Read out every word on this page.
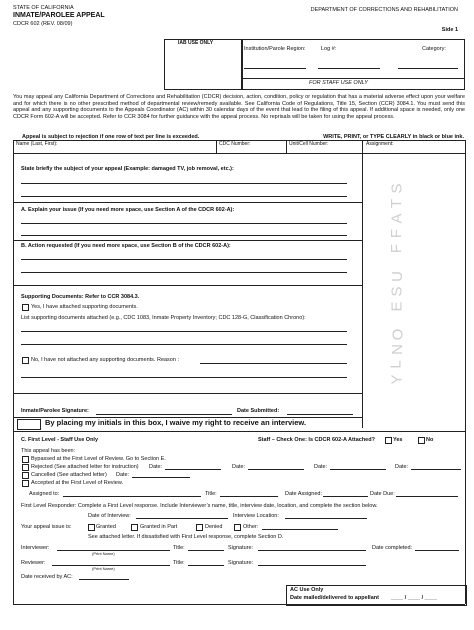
STATE OF CALIFORNIA
INMATE/PAROLEE APPEAL
CDCR 602 (REV. 08/09)
DEPARTMENT OF CORRECTIONS AND REHABILITATION
Side 1
IAB USE ONLY
Institution/Parole Region:	Log #:	Category:
FOR STAFF USE ONLY
You may appeal any California Department of Corrections and Rehabilitation (CDCR) decision, action, condition, policy or regulation that has a material adverse effect upon your welfare and for which there is no other prescribed method of departmental review/remedy available. See California Code of Regulations, Title 15, Section (CCR) 3084.1. You must send this appeal and any supporting documents to the Appeals Coordinator (AC) within 30 calendar days of the event that lead to the filing of this appeal. If additional space is needed, only one CDCR Form 602-A will be accepted. Refer to CCR 3084 for further guidance with the appeal process. No reprisals will be taken for using the appeal process.
Appeal is subject to rejection if one row of text per line is exceeded.	WRITE, PRINT, or TYPE CLEARLY in black or blue ink.
Name (Last, First):	CDC Number:	Unit/Cell Number:	Assignment:
S
T
A
F
F
U
S
E
O
N
L
Y
State briefly the subject of your appeal (Example: damaged TV, job removal, etc.):
A. Explain your issue (If you need more space, use Section A of the CDCR 602-A):
B. Action requested (If you need more space, use Section B of the CDCR 602-A):
Supporting Documents: Refer to CCR 3084.3.
Yes, I have attached supporting documents.
List supporting documents attached (e.g., CDC 1083, Inmate Property Inventory; CDC 128-G, Classification Chrono):
No, I have not attached any supporting documents. Reason :
Inmate/Parolee Signature:	Date Submitted:
By placing my initials in this box, I waive my right to receive an interview.
C. First Level - Staff Use Only	Staff – Check One: Is CDCR 602-A Attached?	Yes	No
This appeal has been:
Bypassed at the First Level of Review. Go to Section E.
Rejected (See attached letter for instruction) Date:	Date:	Date:	Date:
Cancelled (See attached letter) Date:
Accepted at the First Level of Review.
Assigned to:	Title:	Date Assigned:	Date Due:
First Level Responder: Complete a First Level response. Include Interviewer’s name, title, interview date, location, and complete the section below.
Date of Interview:	Interview Location:
Your appeal issue is:	Granted	Granted in Part	Denied	Other:
See attached letter. If dissatisfied with First Level response, complete Section D.
Interviewer:
(Print Name)
Title:	Signature:	Date completed:
Reviewer:
(Print Name)
Title:	Signature:
Date received by AC:
AC Use Only
Date mailed/delivered to appellant ____ / ____ / ____
